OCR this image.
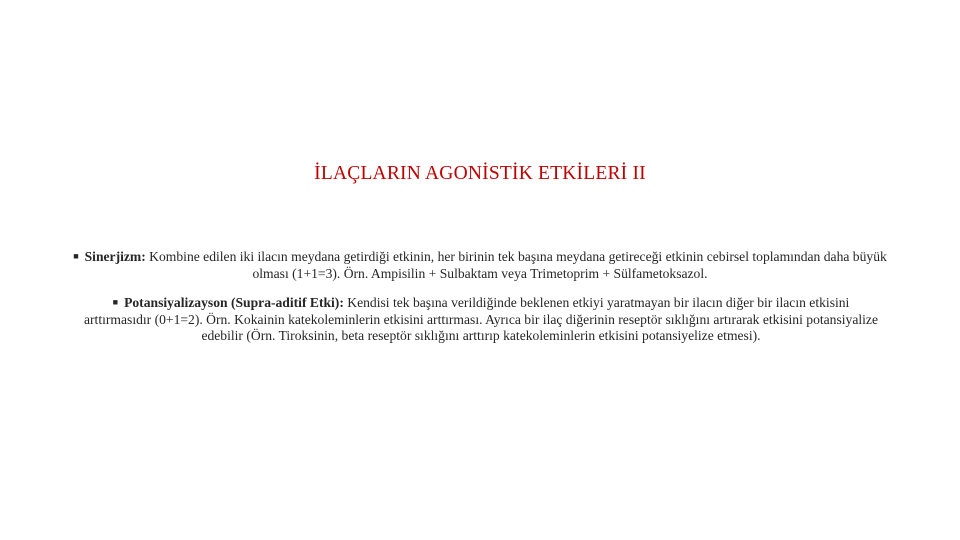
İLAÇLARIN AGONİSTİK ETKİLERİ II
■ Sinerjizm: Kombine edilen iki ilacın meydana getirdiği etkinin, her birinin tek başına meydana getireceği etkinin cebirsel toplamından daha büyük olması (1+1=3). Örn. Ampisilin + Sulbaktam veya Trimetoprim + Sülfametoksazol.
■ Potansiyalizayson (Supra-aditif Etki): Kendisi tek başına verildiğinde beklenen etkiyi yaratmayan bir ilacın diğer bir ilacın etkisini arttırmasıdır (0+1=2). Örn. Kokainin katekoleminlerin etkisini arttırması. Ayrıca bir ilaç diğerinin reseptör sıklığını artırarak etkisini potansiyalize edebilir (Örn. Tiroksinin, beta reseptör sıklığını arttırıp katekoleminlerin etkisini potansiyelize etmesi).
